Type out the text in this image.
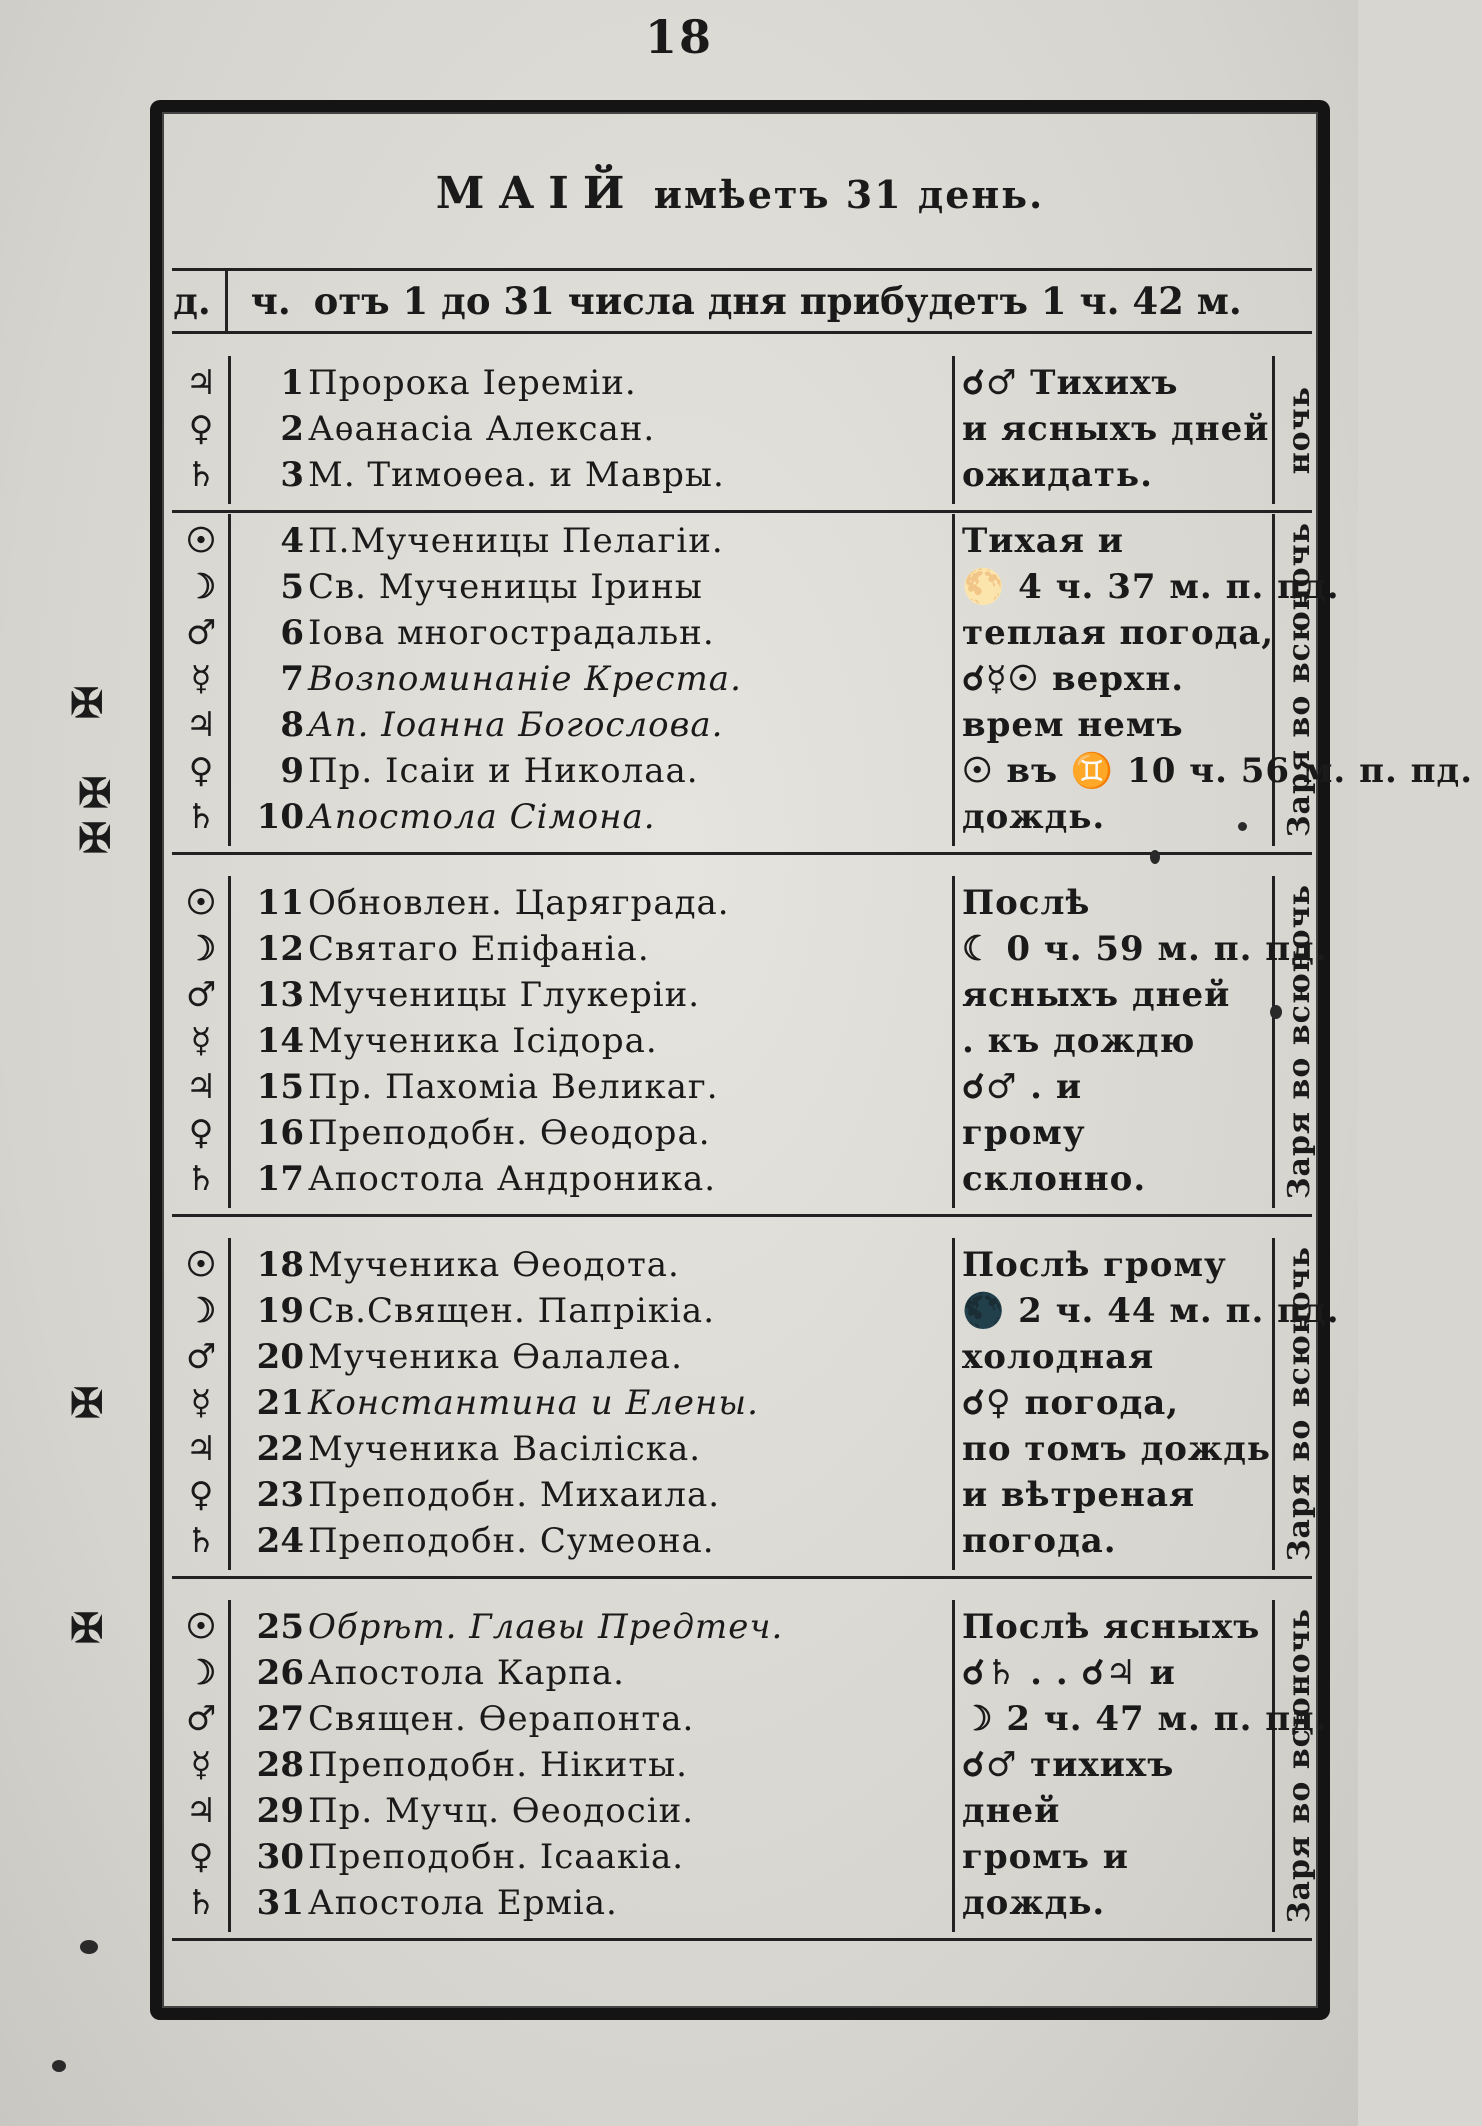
18
МАІЙ имѣетъ 31 день.
д. ч. отъ 1 до 31 числа дня прибудетъ 1 ч. 42 м.
ночь
♃	1 Пророка Іереміи.	☌♂ Тихихъ
♀	2 Аѳанасіа Алексан.	и ясныхъ дней
♄	3 М. Тимоѳеа. и Мавры.	ожидать.
Заря во всюночь
☉	4 П.Мученицы Пелагіи.	Тихая и
☽	5 Св. Мученицы Ірины	🌕 4 ч. 37 м. п. пд.
♂	6 Іова многострадальн.	теплая погода,
☿	7 Возпоминаніе Креста.	☌☿☉ верхн.
♃	8 Ап. Іоанна Богослова.	врем немъ
♀	9 Пр. Ісаіи и Николаа.	☉ въ ♊ 10 ч. 56 м. п. пд.
♄	10 Апостола Сімона.	дождь.
Заря во всюночь
☉	11 Обновлен. Царяграда.	Послѣ
☽	12 Святаго Епіфаніа.	☾ 0 ч. 59 м. п. пд.
♂	13 Мученицы Глукеріи.	ясныхъ дней
☿	14 Мученика Ісідора.	. къ дождю
♃	15 Пр. Пахоміа Великаг.	☌♂ . и
♀	16 Преподобн. Ѳеодора.	грому
♄	17 Апостола Андроника.	склонно.
Заря во всюночь
☉	18 Мученика Ѳеодота.	Послѣ грому
☽	19 Св.Священ. Папрікіа.	🌑 2 ч. 44 м. п. пд.
♂	20 Мученика Ѳалалеа.	холодная
☿	21 Константина и Елены.	☌♀ погода,
♃	22 Мученика Васіліска.	по томъ дождь
♀	23 Преподобн. Михаила.	и вѣтреная
♄	24 Преподобн. Сумеона.	погода.
Заря во всюночь
☉	25 Обрѣт. Главы Предтеч.	Послѣ ясныхъ
☽	26 Апостола Карпа.	☌♄ . . ☌♃ и
♂	27 Священ. Ѳерапонта.	☽ 2 ч. 47 м. п. пд.
☿	28 Преподобн. Нікиты.	☌♂ тихихъ
♃	29 Пр. Мучц. Ѳеодосіи.	дней
♀	30 Преподобн. Ісаакіа.	громъ и
♄	31 Апостола Ерміа.	дождь.
✠
✠
✠
✠
✠
